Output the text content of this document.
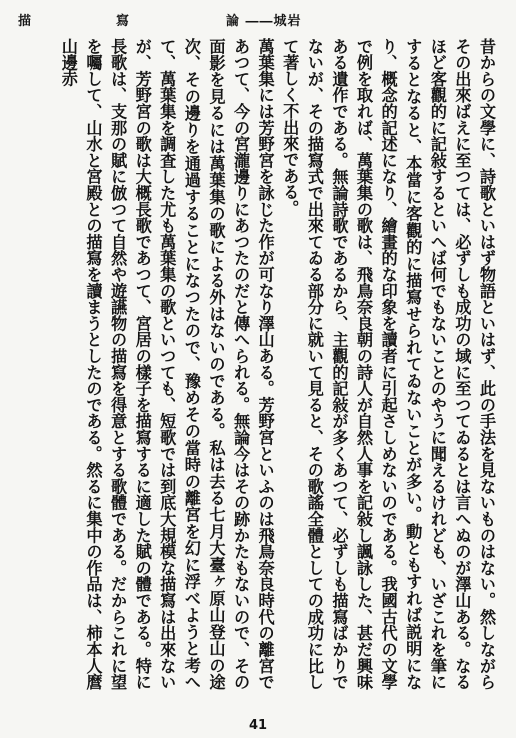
描	寫	論 ――城岩

昔からの文學に、詩歌といはず物語といはず、此の手法を見ないものはない。然しながらその出來ばえに至つては、必ずしも成功の域に至つてゐるとは言へぬのが澤山ある。なるほど客觀的に記敍するといへば何でもないことのやうに聞えるけれども、いざこれを筆にするとなると、本當に客觀的に描寫せられてゐないことが多い。動ともすれば説明になり、概念的記述になり、繪畫的な印象を讀者に引起さしめないのである。我國古代の文學で例を取れば、萬葉集の歌は、飛鳥奈良朝の詩人が自然人事を記敍し諷詠した、甚だ興味ある遺作である。無論詩歌であるから、主觀的記敍が多くあつて、必ずしも描寫ばかりでないが、その描寫式で出來てゐる部分に就いて見ると、その歌謠全體としての成功に比して著しく不出來である。

萬葉集には芳野宮を詠じた作が可なり澤山ある。芳野宮といふのは飛鳥奈良時代の離宮であつて、今の宮瀧邊りにあつたのだと傳へられる。無論今はその跡かたもないので、その面影を見るには萬葉集の歌による外はないのである。私は去る七月大臺ヶ原山登山の途次、その邊りを通過することになつたので、豫めその當時の離宮を幻に浮べようと考へて、萬葉集を調査した尤も萬葉集の歌といつても、短歌では到底大規模な描寫は出來ないが、芳野宮の歌は大概長歌であつて、宮居の樣子を描寫するに適した賦の體である。特に長歌は、支那の賦に倣つて自然や遊讌物の描寫を得意とする歌體である。だからこれに望を囑して、山水と宮殿との描寫を讀まうとしたのである。然るに集中の作品は、柿本人麿山邊赤

41
